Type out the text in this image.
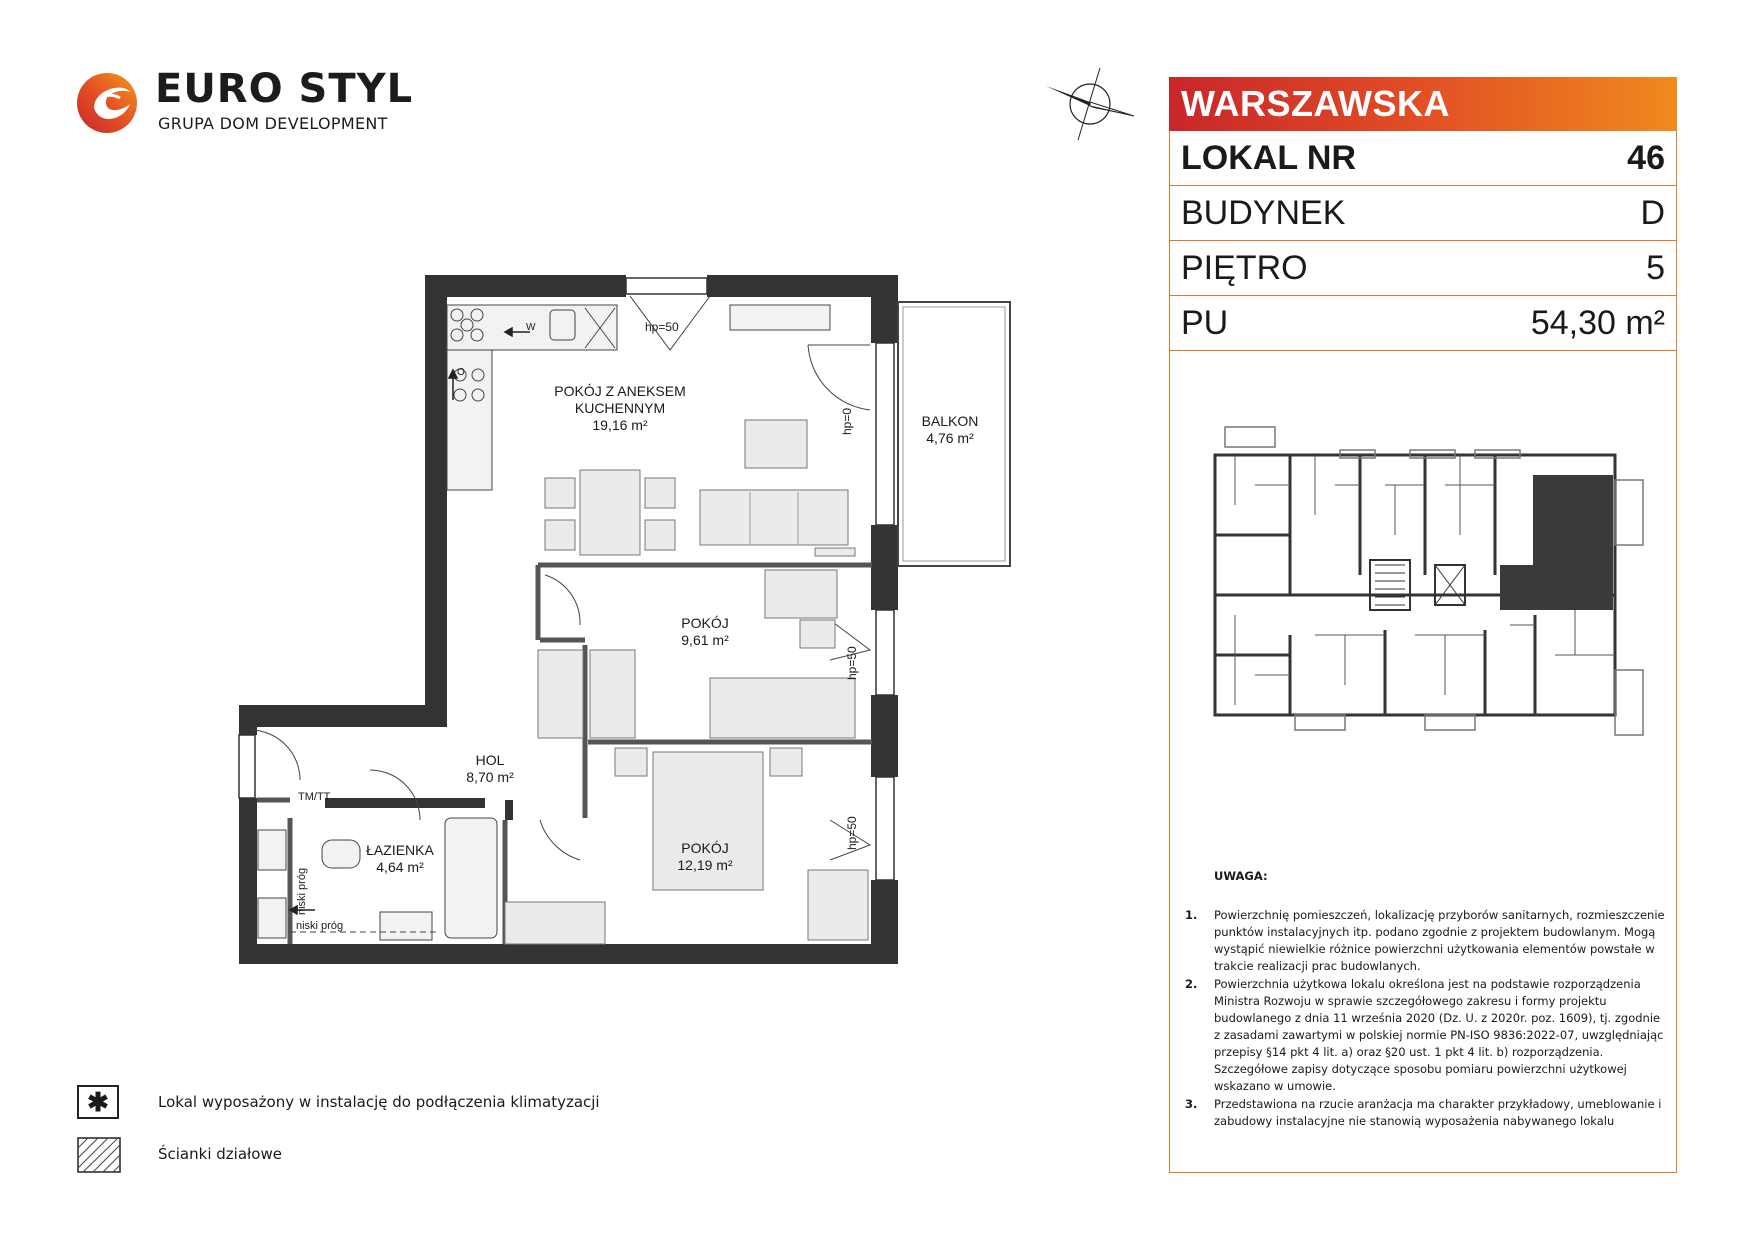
EURO STYL
GRUPA DOM DEVELOPMENT	WARSZAWSKA
LOKAL NR	46
BUDYNEK	D
PIĘTRO	5
PU	54,30 m²
UWAGA:
1. Powierzchnię pomieszczeń, lokalizację przyborów sanitarnych, rozmieszczenie punktów instalacyjnych itp. podano zgodnie z projektem budowlanym. Mogą wystąpić niewielkie różnice powierzchni użytkowania elementów powstałe w trakcie realizacji prac budowlanych.
2. Powierzchnia użytkowa lokalu określona jest na podstawie rozporządzenia Ministra Rozwoju w sprawie szczegółowego zakresu i formy projektu budowlanego z dnia 11 września 2020 (Dz. U. z 2020r. poz. 1609), tj. zgodnie z zasadami zawartymi w polskiej normie PN-ISO 9836:2022-07, uwzględniając przepisy §14 pkt 4 lit. a) oraz §20 ust. 1 pkt 4 lit. b) rozporządzenia. Szczegółowe zapisy dotyczące sposobu pomiaru powierzchni użytkowej wskazano w umowie.
3. Przedstawiona na rzucie aranżacja ma charakter przykładowy, umeblowanie i zabudowy instalacyjne nie stanowią wyposażenia nabywanego lokalu
✱	Lokal wyposażony w instalację do podłączenia klimatyzacji
Ścianki działowe
POKÓJ Z ANEKSEM
KUCHENNYM
19,16 m²	BALKON
4,76 m²
POKÓJ
9,61 m²
POKÓJ
12,19 m²
HOL
8,70 m²
ŁAZIENKA
4,64 m²
hp=50
hp=0
hp=50
hp=50
TM/TT
niski próg
niski próg
W
O
